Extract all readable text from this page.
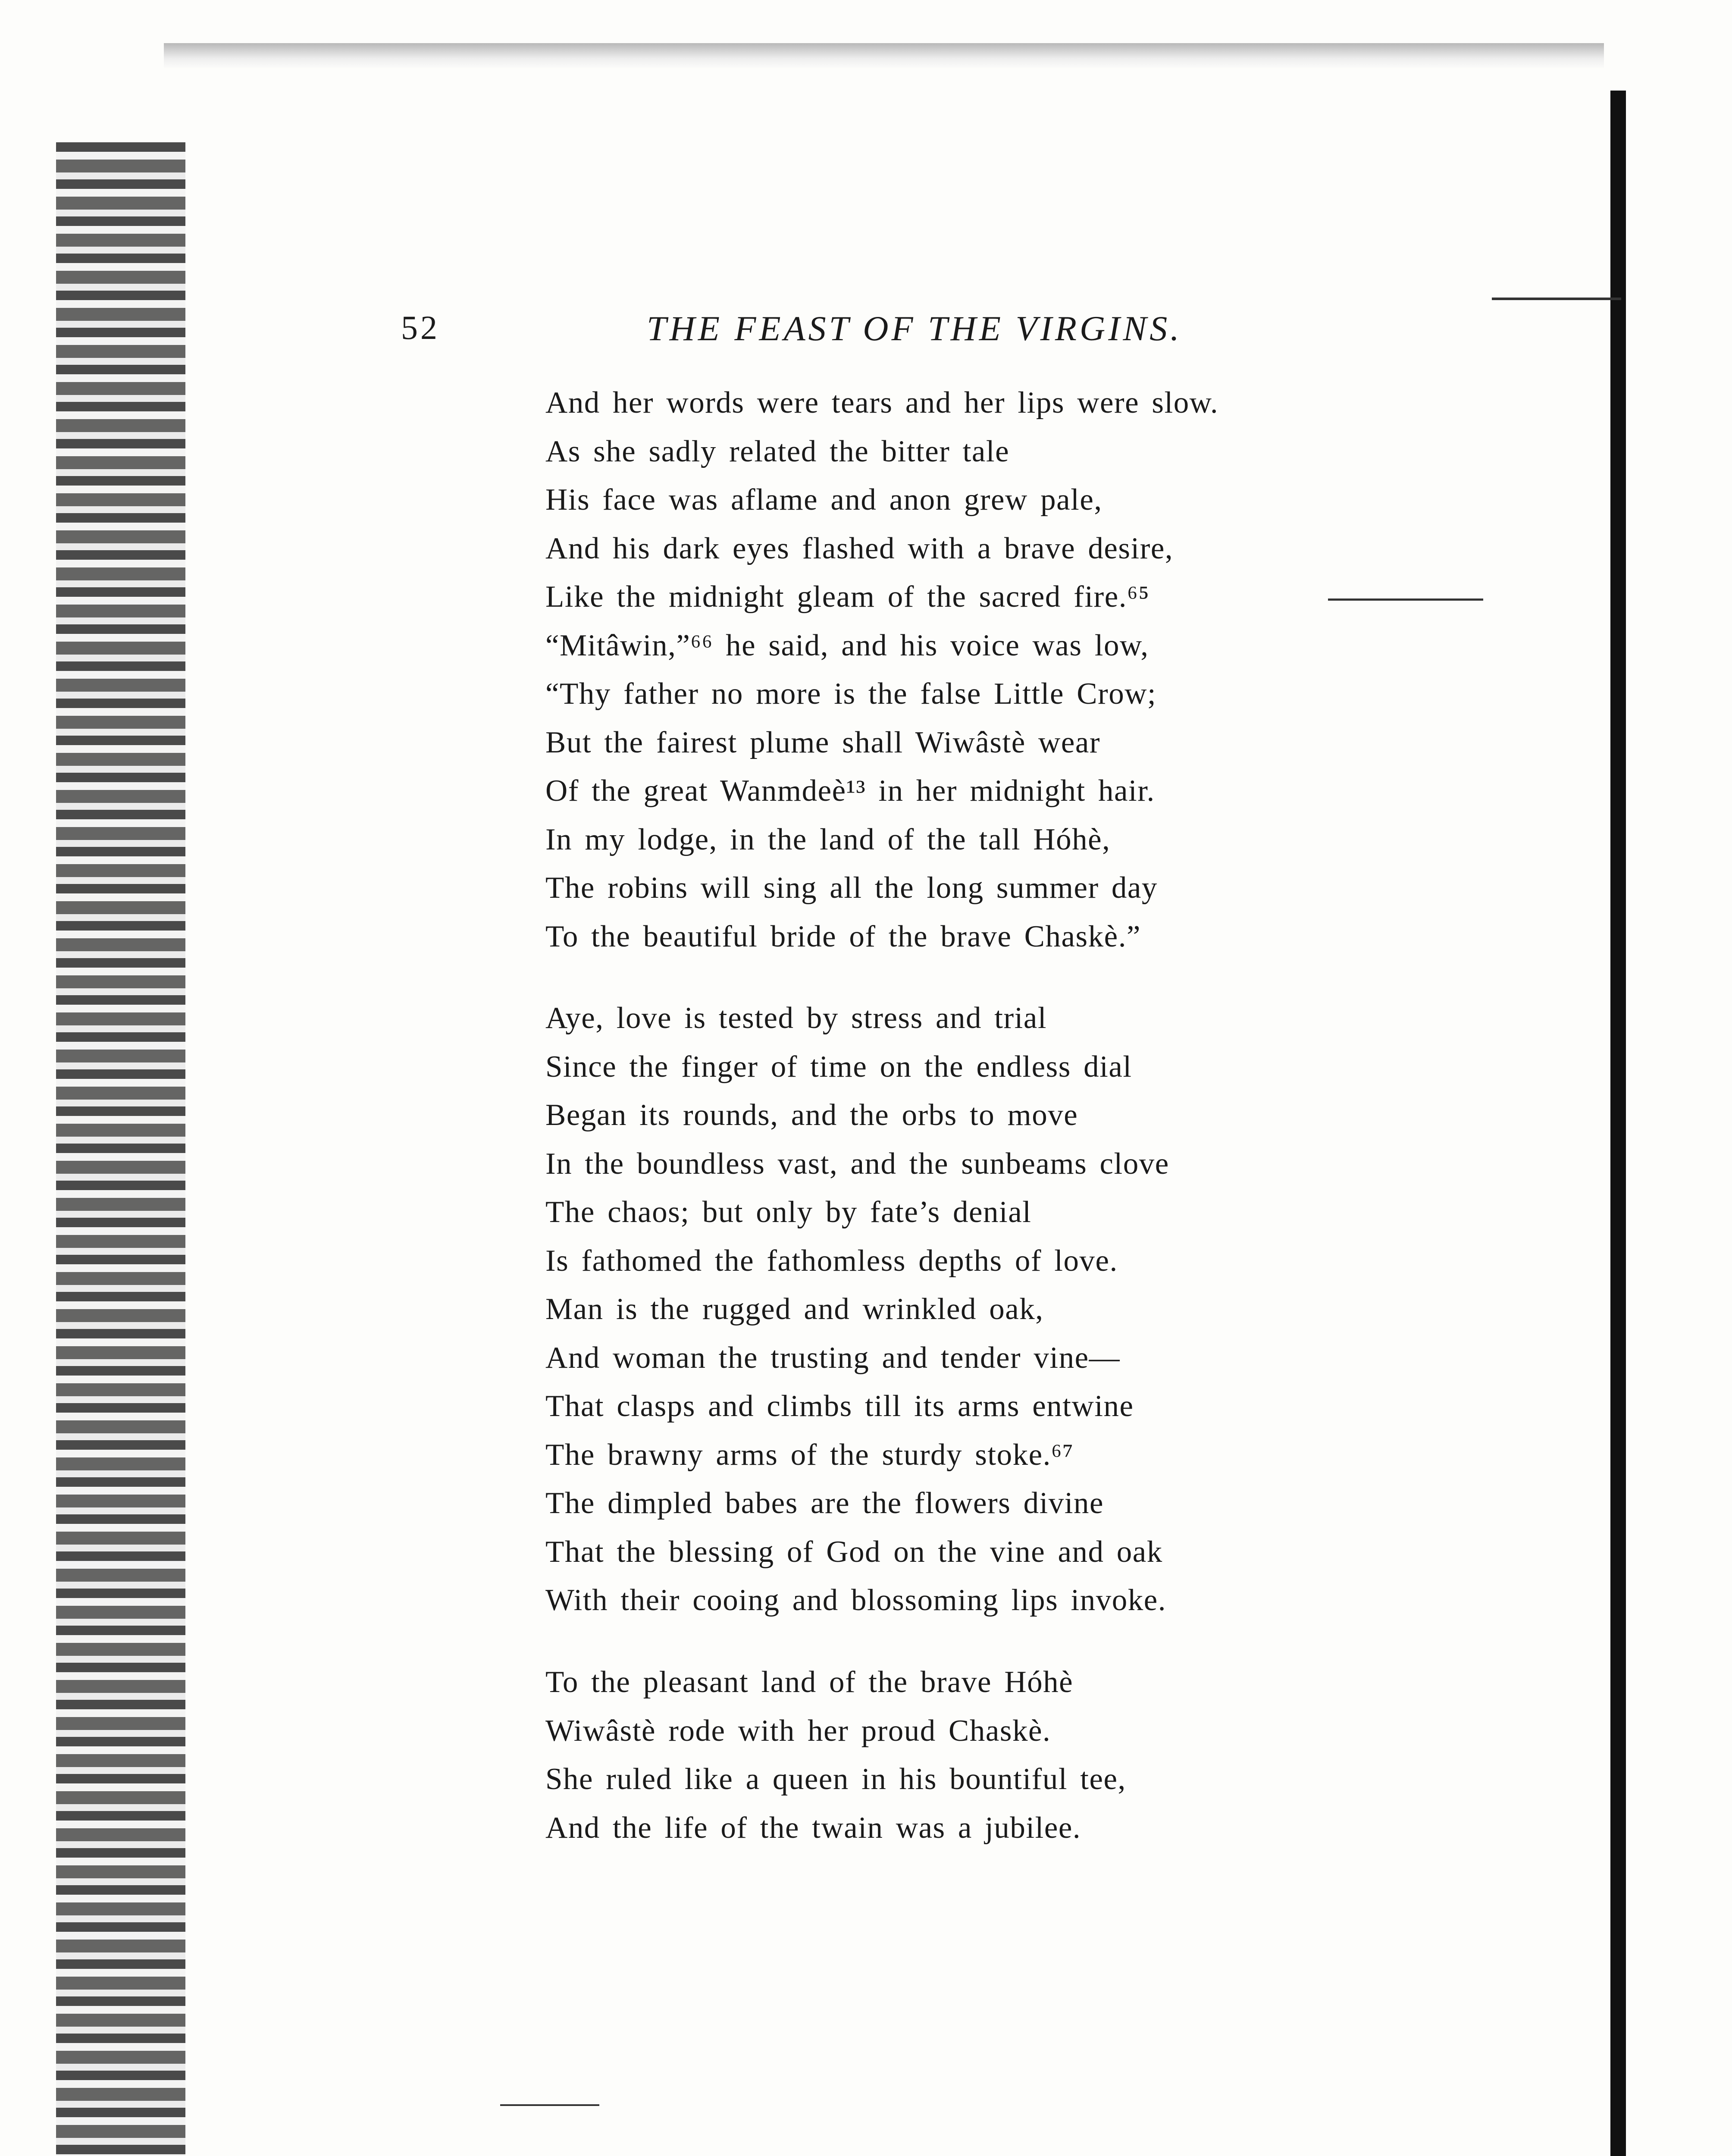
52	THE FEAST OF THE VIRGINS.
And her words were tears and her lips were slow.
As she sadly related the bitter tale
His face was aflame and anon grew pale,
And his dark eyes flashed with a brave desire,
Like the midnight gleam of the sacred fire.⁶⁵
“Mitâwin,”⁶⁶ he said, and his voice was low,
“Thy father no more is the false Little Crow;
But the fairest plume shall Wiwâstè wear
Of the great Wanmdeè¹³ in her midnight hair.
In my lodge, in the land of the tall Hóhè,
The robins will sing all the long summer day
To the beautiful bride of the brave Chaskè.”
Aye, love is tested by stress and trial
Since the finger of time on the endless dial
Began its rounds, and the orbs to move
In the boundless vast, and the sunbeams clove
The chaos; but only by fate’s denial
Is fathomed the fathomless depths of love.
Man is the rugged and wrinkled oak,
And woman the trusting and tender vine—
That clasps and climbs till its arms entwine
The brawny arms of the sturdy stoke.⁶⁷
The dimpled babes are the flowers divine
That the blessing of God on the vine and oak
With their cooing and blossoming lips invoke.
To the pleasant land of the brave Hóhè
Wiwâstè rode with her proud Chaskè.
She ruled like a queen in his bountiful tee,
And the life of the twain was a jubilee.
